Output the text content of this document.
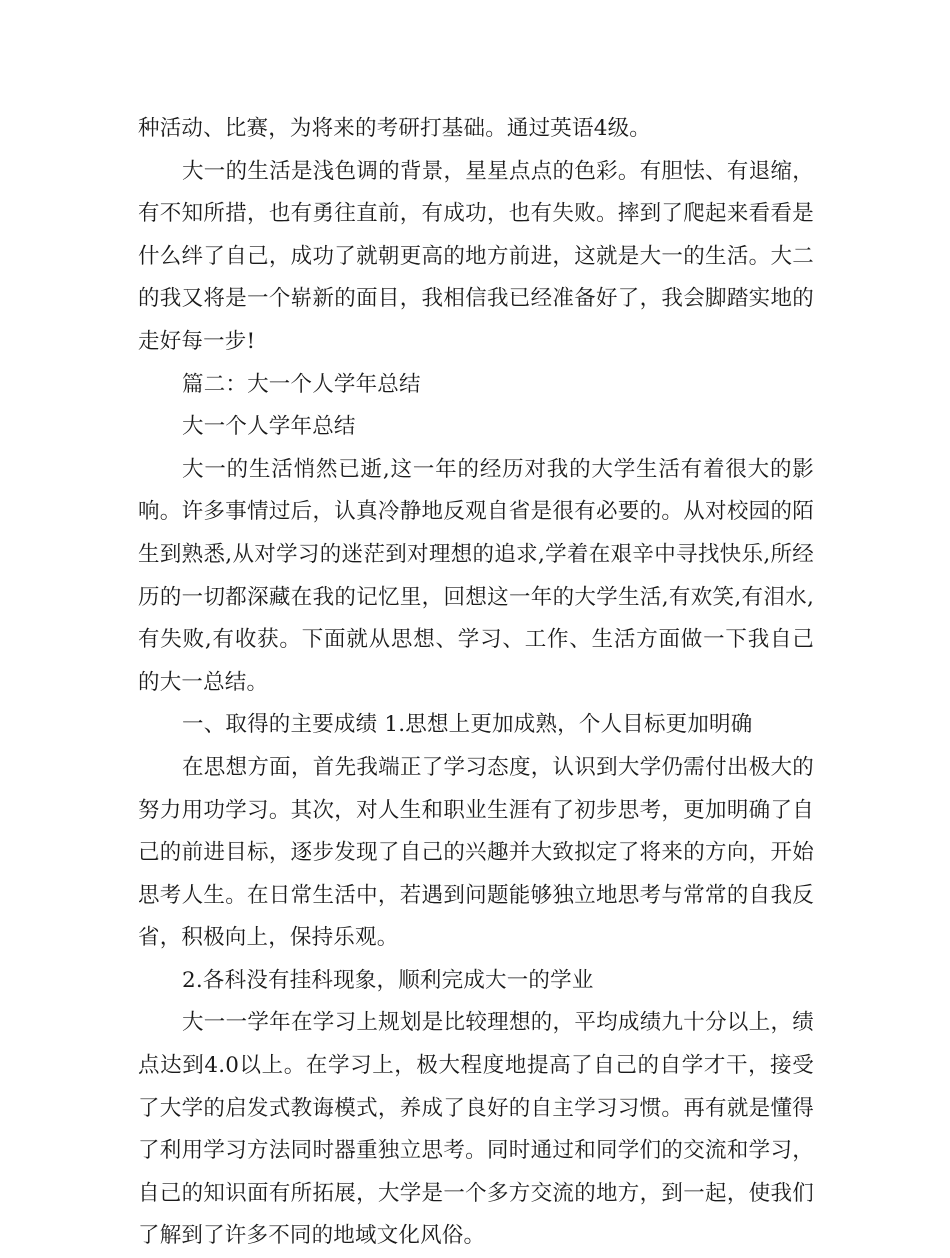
种活动、比赛，为将来的考研打基础。通过英语4级。

大一的生活是浅色调的背景，星星点点的色彩。有胆怯、有退缩，有不知所措，也有勇往直前，有成功，也有失败。摔到了爬起来看看是什么绊了自己，成功了就朝更高的地方前进，这就是大一的生活。大二的我又将是一个崭新的面目，我相信我已经准备好了，我会脚踏实地的走好每一步!

篇二：大一个人学年总结

大一个人学年总结

大一的生活悄然已逝,这一年的经历对我的大学生活有着很大的影响。许多事情过后，认真冷静地反观自省是很有必要的。从对校园的陌生到熟悉,从对学习的迷茫到对理想的追求,学着在艰辛中寻找快乐,所经历的一切都深藏在我的记忆里，回想这一年的大学生活,有欢笑,有泪水,有失败,有收获。下面就从思想、学习、工作、生活方面做一下我自己的大一总结。

一、取得的主要成绩 1.思想上更加成熟，个人目标更加明确

在思想方面，首先我端正了学习态度，认识到大学仍需付出极大的努力用功学习。其次，对人生和职业生涯有了初步思考，更加明确了自己的前进目标，逐步发现了自己的兴趣并大致拟定了将来的方向，开始思考人生。在日常生活中，若遇到问题能够独立地思考与常常的自我反省，积极向上，保持乐观。

2.各科没有挂科现象，顺利完成大一的学业

大一一学年在学习上规划是比较理想的，平均成绩九十分以上，绩点达到4.0以上。在学习上，极大程度地提高了自己的自学才干，接受了大学的启发式教诲模式，养成了良好的自主学习习惯。再有就是懂得了利用学习方法同时器重独立思考。同时通过和同学们的交流和学习，自己的知识面有所拓展，大学是一个多方交流的地方，到一起，使我们了解到了许多不同的地域文化风俗。
